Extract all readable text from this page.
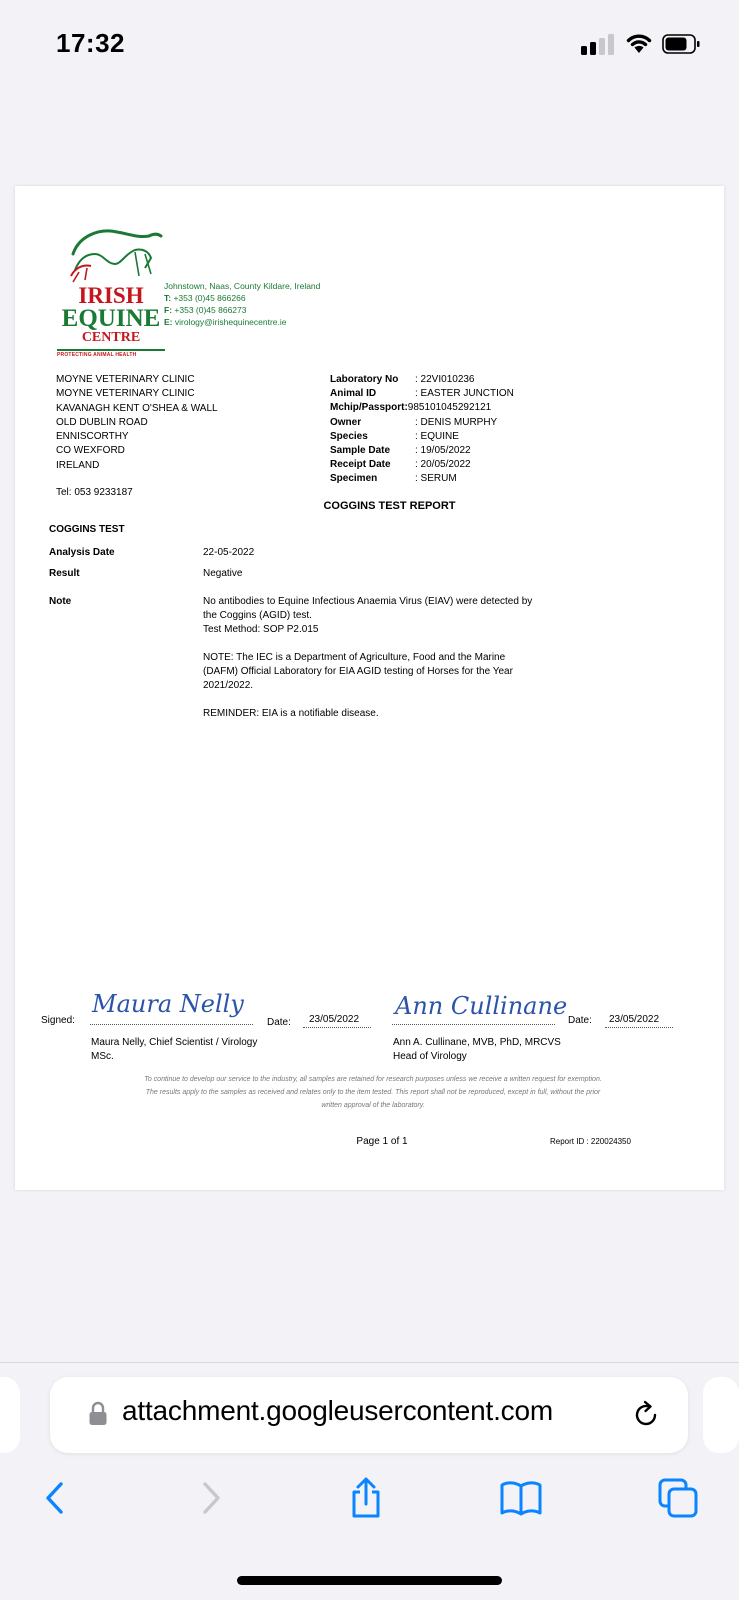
17:32
IRISH
EQUINE
CENTRE
PROTECTING ANIMAL HEALTH
Johnstown, Naas, County Kildare, Ireland
T: +353 (0)45 866266
F: +353 (0)45 866273
E: virology@irishequinecentre.ie
MOYNE VETERINARY CLINIC
MOYNE VETERINARY CLINIC
KAVANAGH KENT O'SHEA & WALL
OLD DUBLIN ROAD
ENNISCORTHY
CO WEXFORD
IRELAND
Tel: 053 9233187
Laboratory No	: 22VI010236
Animal ID	: EASTER JUNCTION
Mchip/Passport: 985101045292121
Owner	: DENIS MURPHY
Species	: EQUINE
Sample Date	: 19/05/2022
Receipt Date	: 20/05/2022
Specimen	: SERUM
COGGINS TEST REPORT
COGGINS TEST
Analysis Date	22-05-2022
Result	Negative
Note	No antibodies to Equine Infectious Anaemia Virus (EIAV) were detected by
the Coggins (AGID) test.
Test Method: SOP P2.015
NOTE: The IEC is a Department of Agriculture, Food and the Marine
(DAFM) Official Laboratory for EIA AGID testing of Horses for the Year
2021/2022.
REMINDER: EIA is a notifiable disease.
Signed:
Maura Nelly
Date: 23/05/2022 Ann Cullinane
Date: 23/05/2022
Maura Nelly, Chief Scientist / Virology
MSc.
Ann A. Cullinane, MVB, PhD, MRCVS
Head of Virology
To continue to develop our service to the industry, all samples are retained for research purposes unless we receive a written request for exemption.
The results apply to the samples as received and relates only to the item tested. This report shall not be reproduced, except in full, without the prior
written approval of the laboratory.
Page 1 of 1	Report ID : 220024350
attachment.googleusercontent.com
